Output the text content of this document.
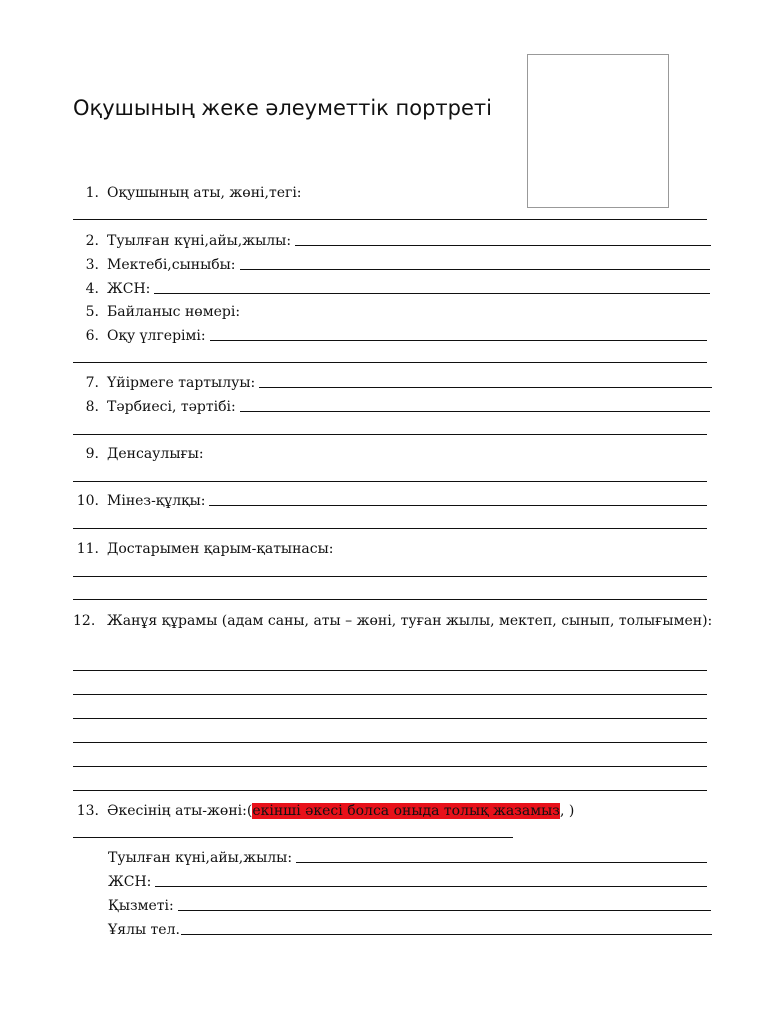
Оқушының жеке әлеуметтік портреті
1. Оқушының аты, жөні,тегі:
2. Туылған күні,айы,жылы:
3. Мектебі,сыныбы:
4. ЖСН:
5. Байланыс нөмері:
6. Оқу үлгерімі:
7. Үйірмеге тартылуы:
8. Тәрбиесі, тәртібі:
9. Денсаулығы:
10. Мінез-құлқы:
11. Достарымен қарым-қатынасы:

12. Жанұя құрамы (адам саны, аты – жөні, туған жылы, мектеп, сынып, толығымен):

13. Әкесінің аты-жөні:( екінші әкесі болса оныда толық жазамыз , )
Туылған күні,айы,жылы:
ЖСН:
Қызметі:
Ұялы тел.
